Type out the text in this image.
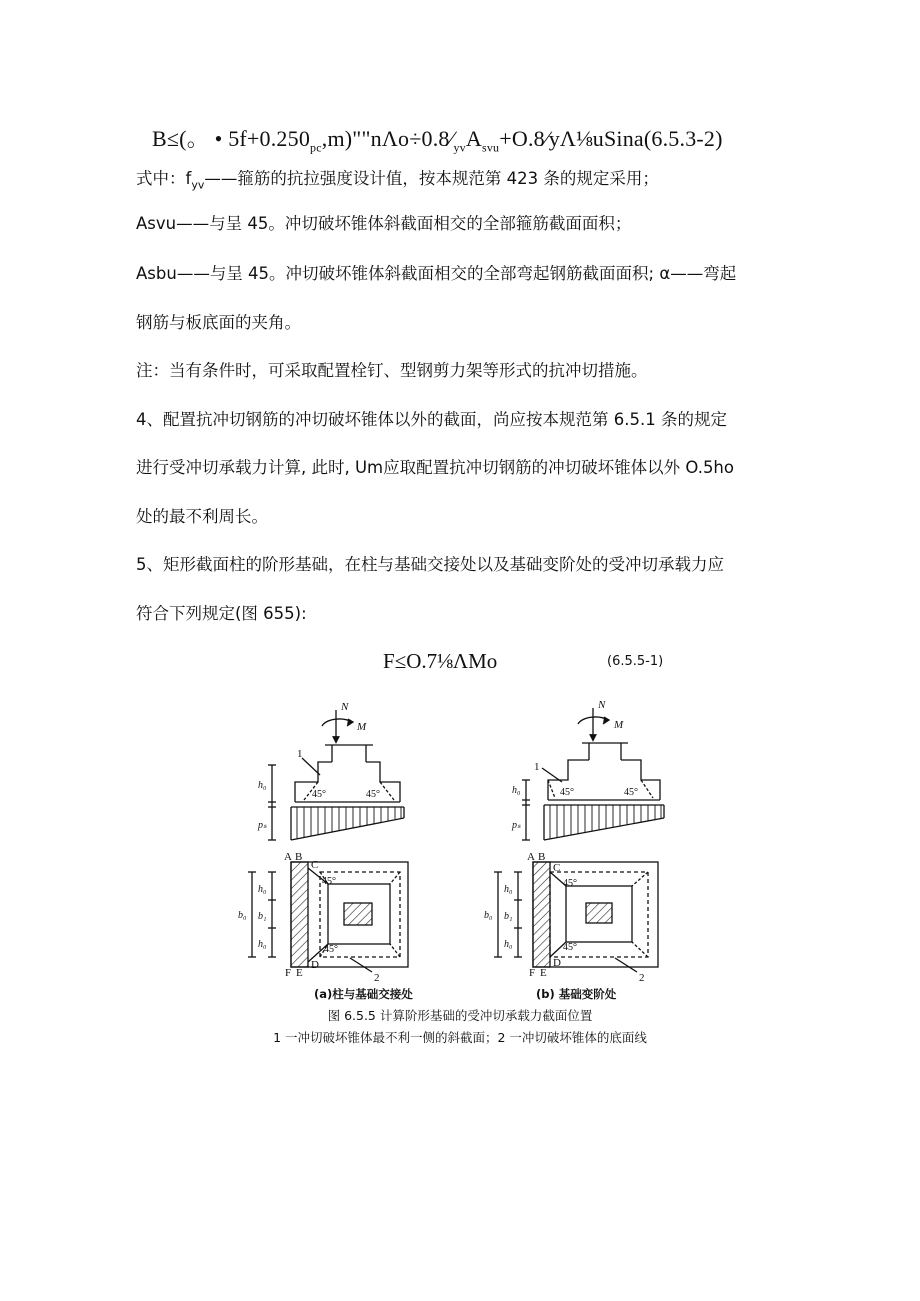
B≤(。 • $5f+0.250_{pc},m)""n\Lambda o\div 0.8∕_{yv}A_{svu}+O.8∕y\Lambda\frac{1}{8}uSina(6.5.3-2)$
式中：$f_{yv}——$箍筋的抗拉强度设计值，按本规范第 423 条的规定采用；
Asvu——与呈 45。冲切破坏锥体斜截面相交的全部箍筋截面面积；
Asbu——与呈 45。冲切破坏锥体斜截面相交的全部弯起钢筋截面面积; α——弯起
钢筋与板底面的夹角。
注：当有条件时，可采取配置栓钉、型钢剪力架等形式的抗冲切措施。
4、配置抗冲切钢筋的冲切破坏锥体以外的截面，尚应按本规范第 6.5.1 条的规定
进行受冲切承载力计算, 此时, Um应取配置抗冲切钢筋的冲切破坏锥体以外 O.5ho
处的最不利周长。
5、矩形截面柱的阶形基础，在柱与基础交接处以及基础变阶处的受冲切承载力应
符合下列规定(图 655):
F≤O.7⅛ΛMo	(6.5.5-1)
N
M
1
45°	45°
h₀
pₛ
A B
C
D
F E
45°
45°
2
h₀
b₁
h₀
b₀
N
M
1
45°	45°
h₀
pₛ
A B
C
D
F E
45°
45°
2
h₀
b₁
h₀
b₀
(a)柱与基础交接处	(b) 基础变阶处
图 6.5.5 计算阶形基础的受冲切承载力截面位置
1 一冲切破坏锥体最不利一侧的斜截面；2 一冲切破坏锥体的底面线
